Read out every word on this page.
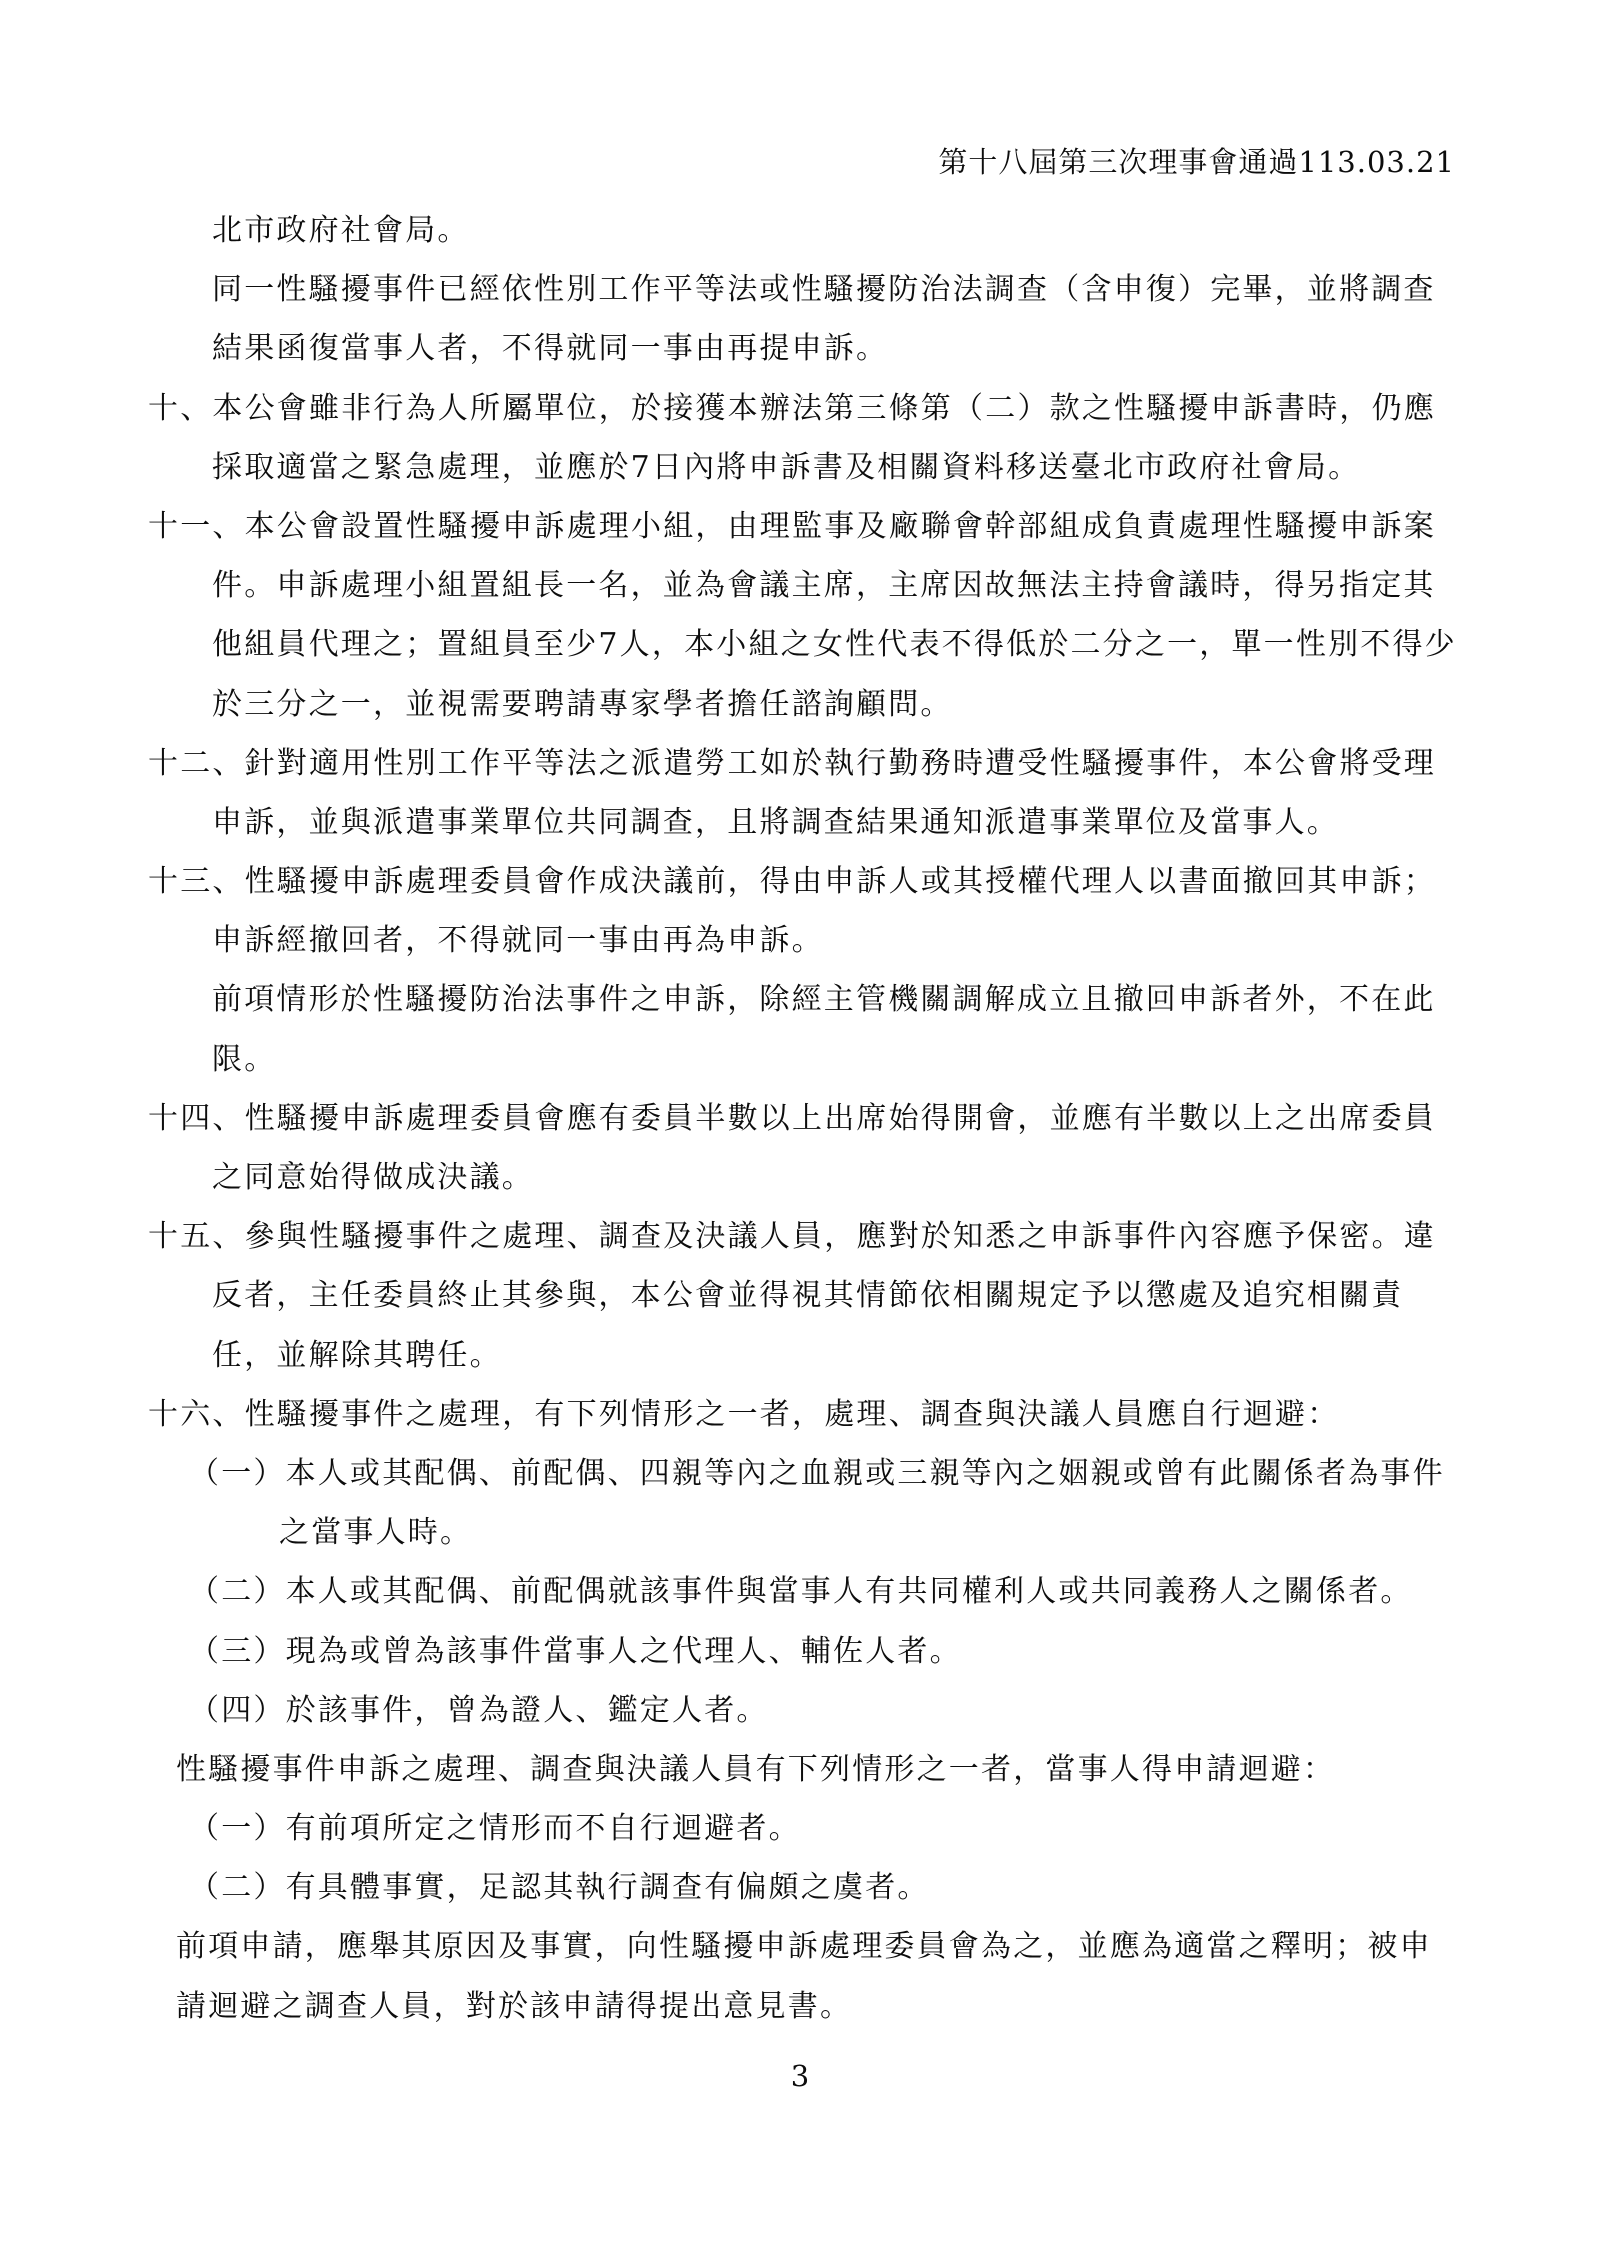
第十八屆第三次理事會通過113.03.21
北市政府社會局。
同一性騷擾事件已經依性別工作平等法或性騷擾防治法調查（含申復）完畢，並將調查
結果函復當事人者，不得就同一事由再提申訴。
十、本公會雖非行為人所屬單位，於接獲本辦法第三條第（二）款之性騷擾申訴書時，仍應
採取適當之緊急處理，並應於7日內將申訴書及相關資料移送臺北市政府社會局。
十一、本公會設置性騷擾申訴處理小組，由理監事及廠聯會幹部組成負責處理性騷擾申訴案
件。申訴處理小組置組長一名，並為會議主席，主席因故無法主持會議時，得另指定其
他組員代理之；置組員至少7人，本小組之女性代表不得低於二分之一，單一性別不得少
於三分之一，並視需要聘請專家學者擔任諮詢顧問。
十二、針對適用性別工作平等法之派遣勞工如於執行勤務時遭受性騷擾事件，本公會將受理
申訴，並與派遣事業單位共同調查，且將調查結果通知派遣事業單位及當事人。
十三、性騷擾申訴處理委員會作成決議前，得由申訴人或其授權代理人以書面撤回其申訴；
申訴經撤回者，不得就同一事由再為申訴。
前項情形於性騷擾防治法事件之申訴，除經主管機關調解成立且撤回申訴者外，不在此
限。
十四、性騷擾申訴處理委員會應有委員半數以上出席始得開會，並應有半數以上之出席委員
之同意始得做成決議。
十五、參與性騷擾事件之處理、調查及決議人員，應對於知悉之申訴事件內容應予保密。違
反者，主任委員終止其參與，本公會並得視其情節依相關規定予以懲處及追究相關責
任，並解除其聘任。
十六、性騷擾事件之處理，有下列情形之一者，處理、調查與決議人員應自行迴避：
（一）本人或其配偶、前配偶、四親等內之血親或三親等內之姻親或曾有此關係者為事件
之當事人時。
（二）本人或其配偶、前配偶就該事件與當事人有共同權利人或共同義務人之關係者。
（三）現為或曾為該事件當事人之代理人、輔佐人者。
（四）於該事件，曾為證人、鑑定人者。
性騷擾事件申訴之處理、調查與決議人員有下列情形之一者，當事人得申請迴避：
（一）有前項所定之情形而不自行迴避者。
（二）有具體事實，足認其執行調查有偏頗之虞者。
前項申請，應舉其原因及事實，向性騷擾申訴處理委員會為之，並應為適當之釋明；被申
請迴避之調查人員，對於該申請得提出意見書。
3
